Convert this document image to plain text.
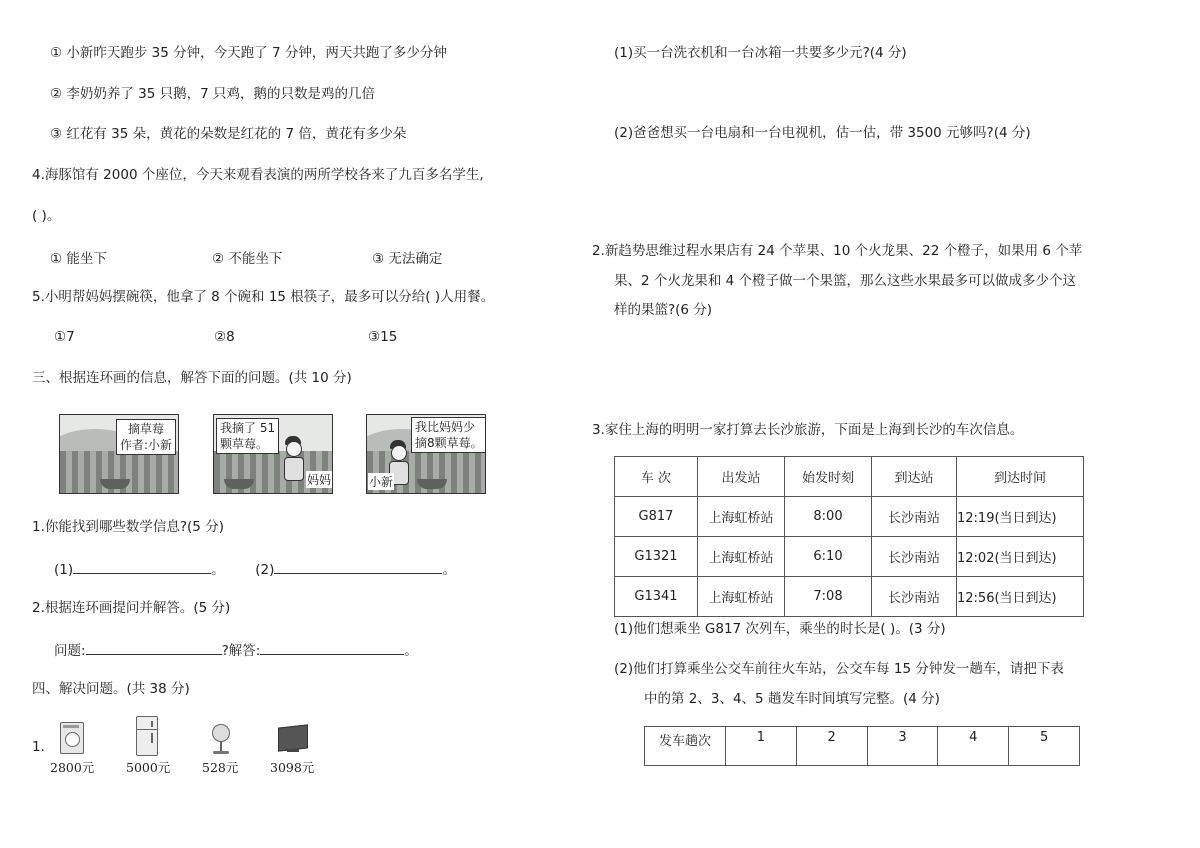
① 小新昨天跑步 35 分钟，今天跑了 7 分钟，两天共跑了多少分钟
② 李奶奶养了 35 只鹅，7 只鸡，鹅的只数是鸡的几倍
③ 红花有 35 朵，黄花的朵数是红花的 7 倍，黄花有多少朵
4.海豚馆有 2000 个座位，今天来观看表演的两所学校各来了九百多名学生,
( )。
① 能坐下	② 不能坐下	③ 无法确定
5.小明帮妈妈摆碗筷，他拿了 8 个碗和 15 根筷子，最多可以分给( )人用餐。
①7	②8	③15
三、根据连环画的信息，解答下面的问题。(共 10 分)
摘草莓
作者:小新
我摘了 51
颗草莓。
妈妈
我比妈妈少
摘8颗草莓。
小新
1.你能找到哪些数学信息?(5 分)
(1)	。 (2)	。
2.根据连环画提问并解答。(5 分)
问题:	?解答:	。
四、解决问题。(共 38 分)
1.
2800元	5000元	528元	3098元
(1)买一台洗衣机和一台冰箱一共要多少元?(4 分)
(2)爸爸想买一台电扇和一台电视机，估一估，带 3500 元够吗?(4 分)
2.新趋势思维过程水果店有 24 个苹果、10 个火龙果、22 个橙子，如果用 6 个苹
果、2 个火龙果和 4 个橙子做一个果篮，那么这些水果最多可以做成多少个这
样的果篮?(6 分)
3.家住上海的明明一家打算去长沙旅游，下面是上海到长沙的车次信息。
车 次	出发站	始发时刻	到达站	到达时间
G817	上海虹桥站	8:00	长沙南站	12:19(当日到达)
G1321	上海虹桥站	6:10	长沙南站	12:02(当日到达)
G1341	上海虹桥站	7:08	长沙南站	12:56(当日到达)
(1)他们想乘坐 G817 次列车，乘坐的时长是( )。(3 分)
(2)他们打算乘坐公交车前往火车站，公交车每 15 分钟发一趟车，请把下表
中的第 2、3、4、5 趟发车时间填写完整。(4 分)
发车趟次	1	2	3	4	5
